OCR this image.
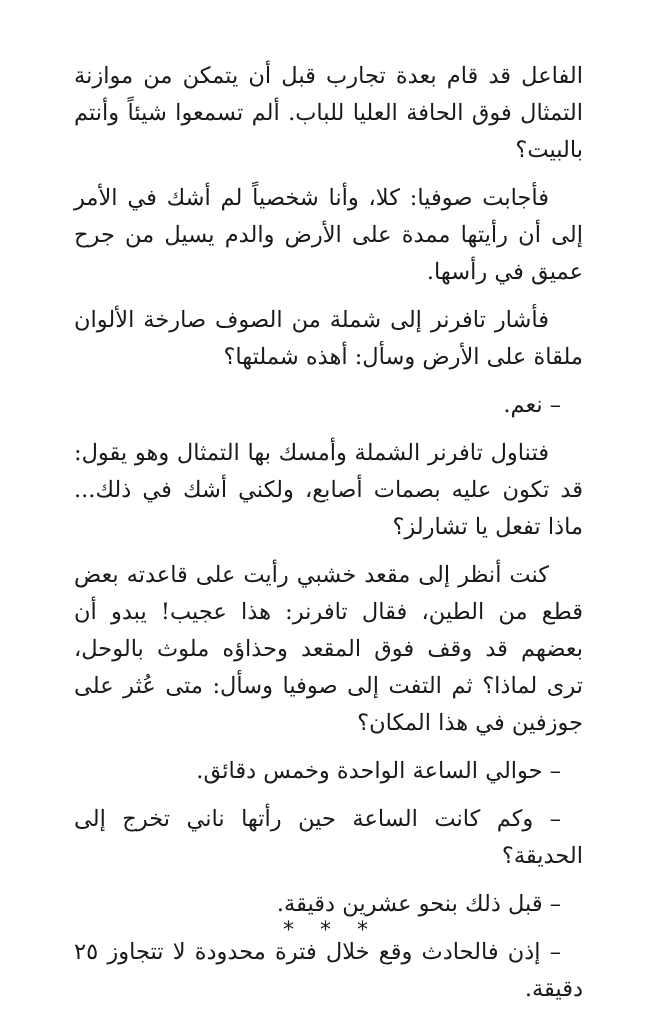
الفاعل قد قام بعدة تجارب قبل أن يتمكن من موازنة التمثال فوق الحافة العليا للباب. ألم تسمعوا شيئاً وأنتم بالبيت؟

فأجابت صوفيا: كلا، وأنا شخصياً لم أشك في الأمر إلى أن رأيتها ممدة على الأرض والدم يسيل من جرح عميق في رأسها.

فأشار تافرنر إلى شملة من الصوف صارخة الألوان ملقاة على الأرض وسأل: أهذه شملتها؟

– نعم.

فتناول تافرنر الشملة وأمسك بها التمثال وهو يقول: قد تكون عليه بصمات أصابع، ولكني أشك في ذلك... ماذا تفعل يا تشارلز؟

كنت أنظر إلى مقعد خشبي رأيت على قاعدته بعض قطع من الطين، فقال تافرنر: هذا عجيب! يبدو أن بعضهم قد وقف فوق المقعد وحذاؤه ملوث بالوحل، ترى لماذا؟ ثم التفت إلى صوفيا وسأل: متى عُثر على جوزفين في هذا المكان؟

– حوالي الساعة الواحدة وخمس دقائق.

– وكم كانت الساعة حين رأتها ناني تخرج إلى الحديقة؟

– قبل ذلك بنحو عشرين دقيقة.

– إذن فالحادث وقع خلال فترة محدودة لا تتجاوز ٢٥ دقيقة.

***
